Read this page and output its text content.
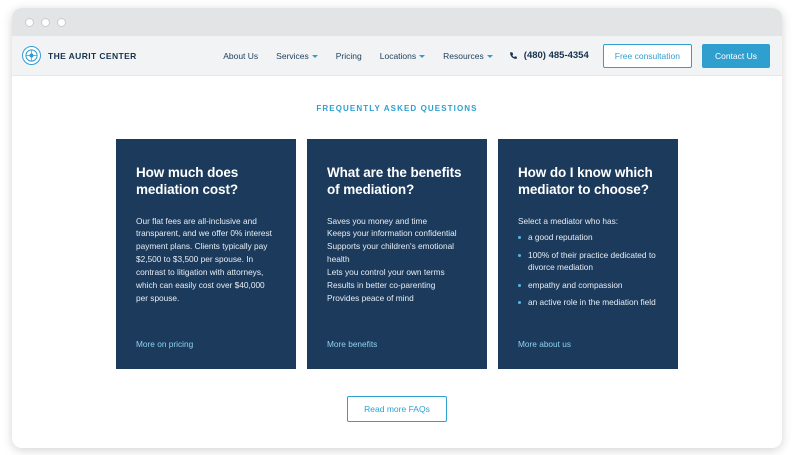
THE AURIT CENTER	About Us Services	Pricing Locations	Resources	(480) 485-4354	Free consultation	Contact Us
FREQUENTLY ASKED QUESTIONS
How much does mediation cost?

Our flat fees are all-inclusive and transparent, and we offer 0% interest payment plans. Clients typically pay $2,500 to $3,500 per spouse. In contrast to litigation with attorneys, which can easily cost over $40,000 per spouse.

More on pricing
What are the benefits of mediation?

Saves you money and time

Keeps your information confidential

Supports your children's emotional health

Lets you control your own terms

Results in better co-parenting

Provides peace of mind

More benefits
How do I know which mediator to choose?

Select a mediator who has:

a good reputation
100% of their practice dedicated to divorce mediation
empathy and compassion
an active role in the mediation field
More about us
Read more FAQs
